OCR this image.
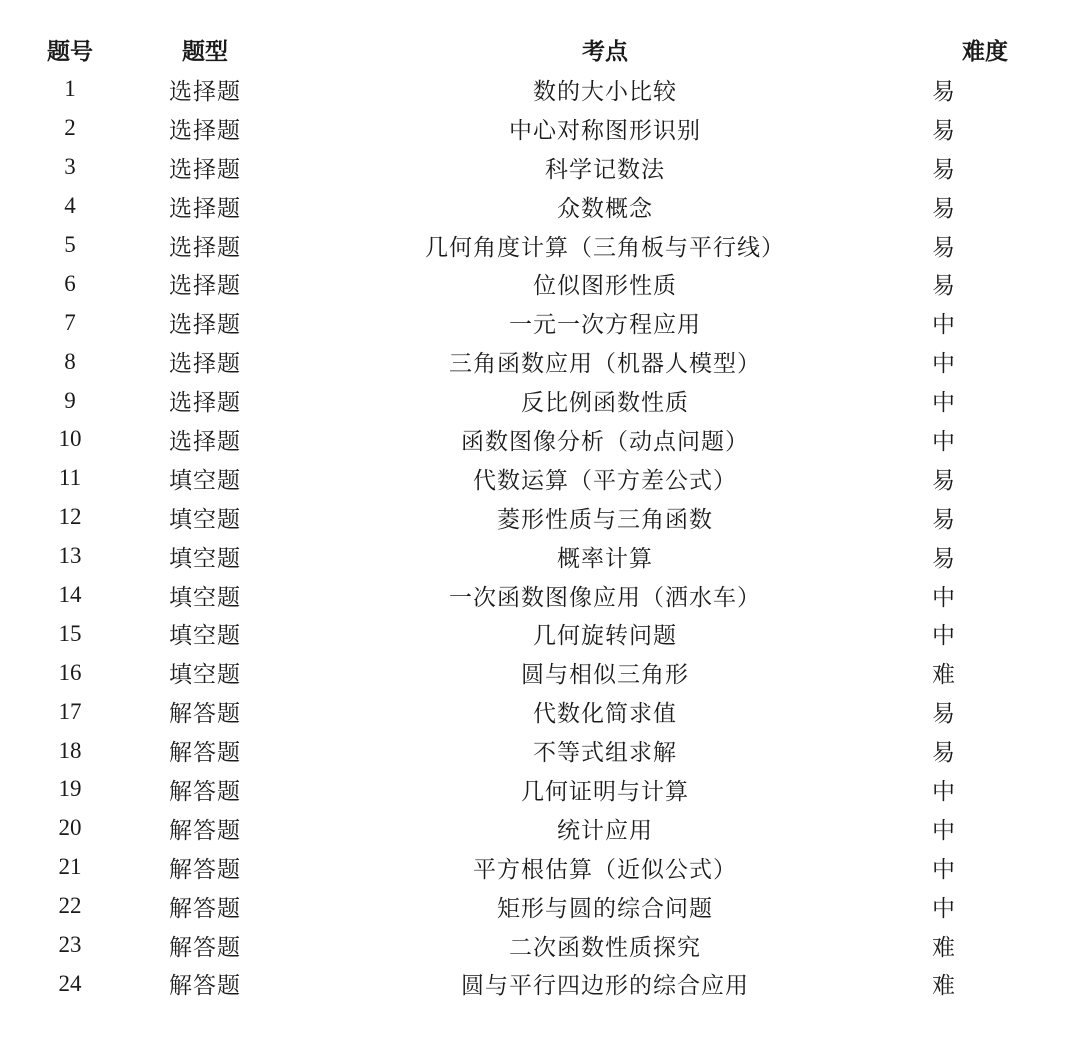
题号	题型	考点	难度
1	选择题	数的大小比较	易
2	选择题	中心对称图形识别	易
3	选择题	科学记数法	易
4	选择题	众数概念	易
5	选择题	几何角度计算（三角板与平行线）	易
6	选择题	位似图形性质	易
7	选择题	一元一次方程应用	中
8	选择题	三角函数应用（机器人模型）	中
9	选择题	反比例函数性质	中
10	选择题	函数图像分析（动点问题）	中
11	填空题	代数运算（平方差公式）	易
12	填空题	菱形性质与三角函数	易
13	填空题	概率计算	易
14	填空题	一次函数图像应用（洒水车）	中
15	填空题	几何旋转问题	中
16	填空题	圆与相似三角形	难
17	解答题	代数化简求值	易
18	解答题	不等式组求解	易
19	解答题	几何证明与计算	中
20	解答题	统计应用	中
21	解答题	平方根估算（近似公式）	中
22	解答题	矩形与圆的综合问题	中
23	解答题	二次函数性质探究	难
24	解答题	圆与平行四边形的综合应用	难
